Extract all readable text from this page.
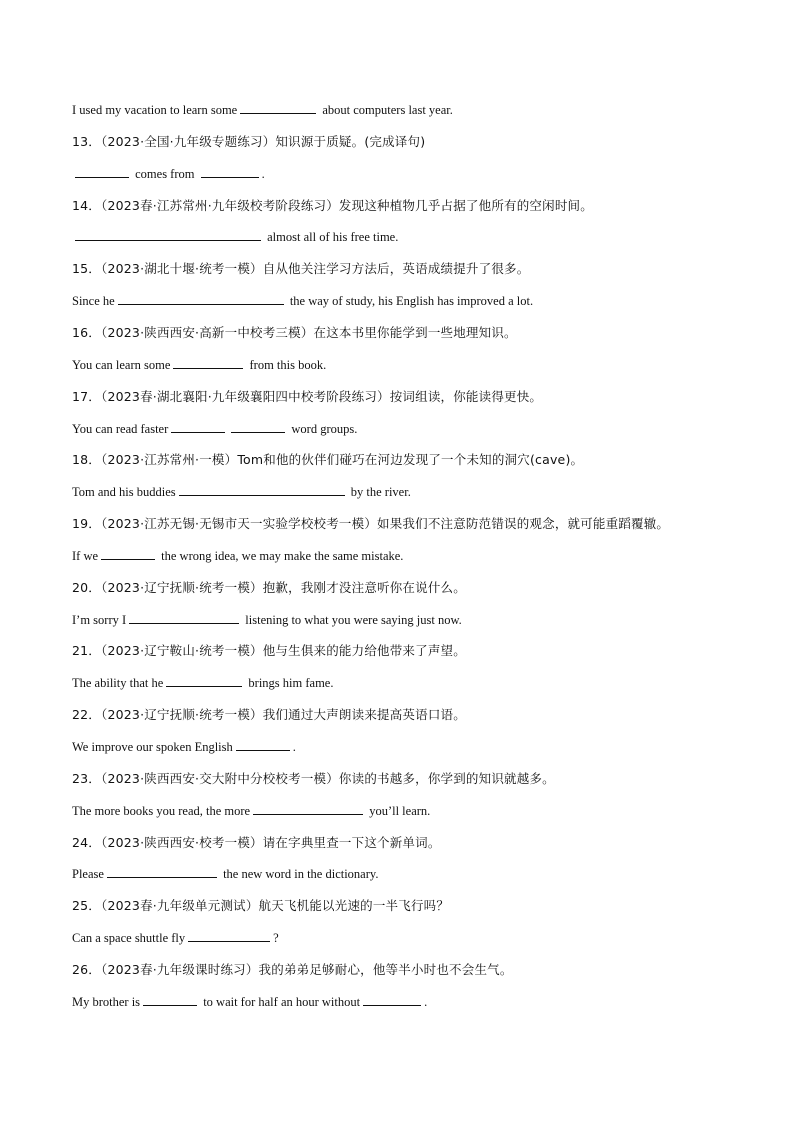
I used my vacation to learn some	about computers last year.
13．（2023·全国·九年级专题练习）知识源于质疑。(完成译句)
comes from	.
14．（2023春·江苏常州·九年级校考阶段练习）发现这种植物几乎占据了他所有的空闲时间。
almost all of his free time.
15．（2023·湖北十堰·统考一模）自从他关注学习方法后，英语成绩提升了很多。
Since he	the way of study, his English has improved a lot.
16．（2023·陕西西安·高新一中校考三模）在这本书里你能学到一些地理知识。
You can learn some	from this book.
17．（2023春·湖北襄阳·九年级襄阳四中校考阶段练习）按词组读，你能读得更快。
You can read faster	word groups.
18．（2023·江苏常州·一模）Tom和他的伙伴们碰巧在河边发现了一个未知的洞穴(cave)。
Tom and his buddies	by the river.
19．（2023·江苏无锡·无锡市天一实验学校校考一模）如果我们不注意防范错误的观念，就可能重蹈覆辙。
If we	the wrong idea, we may make the same mistake.
20．（2023·辽宁抚顺·统考一模）抱歉，我刚才没注意听你在说什么。
I’m sorry I	listening to what you were saying just now.
21．（2023·辽宁鞍山·统考一模）他与生俱来的能力给他带来了声望。
The ability that he	brings him fame.
22．（2023·辽宁抚顺·统考一模）我们通过大声朗读来提高英语口语。
We improve our spoken English	.
23．（2023·陕西西安·交大附中分校校考一模）你读的书越多，你学到的知识就越多。
The more books you read, the more	you’ll learn.
24．（2023·陕西西安·校考一模）请在字典里查一下这个新单词。
Please	the new word in the dictionary.
25．（2023春·九年级单元测试）航天飞机能以光速的一半飞行吗？
Can a space shuttle fly	?
26．（2023春·九年级课时练习）我的弟弟足够耐心，他等半小时也不会生气。
My brother is	to wait for half an hour without	.
